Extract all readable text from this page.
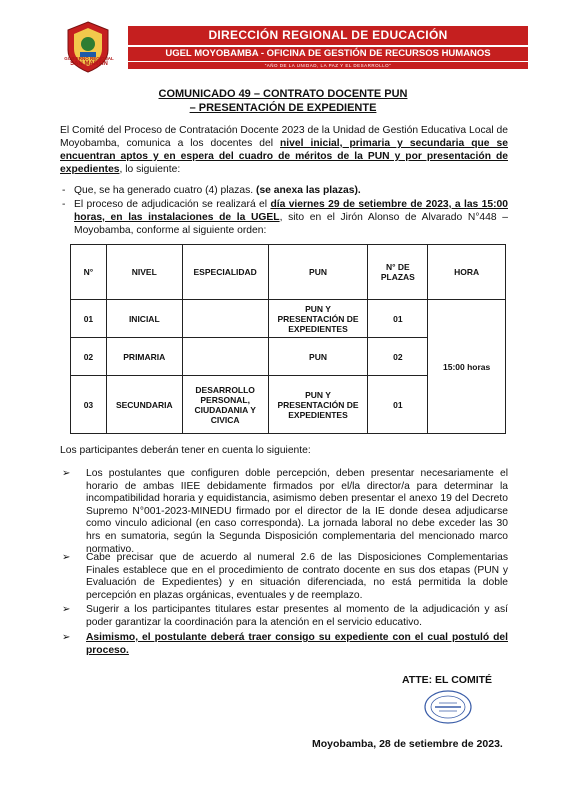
GOBIERNO REGIONAL
SAN MARTIN
DIRECCIÓN REGIONAL DE EDUCACIÓN
UGEL MOYOBAMBA - OFICINA DE GESTIÓN DE RECURSOS HUMANOS
"AÑO DE LA UNIDAD, LA PAZ Y EL DESARROLLO"
COMUNICADO 49 – CONTRATO DOCENTE PUN
– PRESENTACIÓN DE EXPEDIENTE
El Comité del Proceso de Contratación Docente 2023 de la Unidad de Gestión Educativa Local de Moyobamba, comunica a los docentes del nivel inicial, primaria y secundaria que se encuentran aptos y en espera del cuadro de méritos de la PUN y por presentación de expedientes, lo siguiente:
- Que, se ha generado cuatro (4) plazas. (se anexa las plazas).
- El proceso de adjudicación se realizará el día viernes 29 de setiembre de 2023, a las 15:00 horas, en las instalaciones de la UGEL, sito en el Jirón Alonso de Alvarado N°448 – Moyobamba, conforme al siguiente orden:
N°	NIVEL	ESPECIALIDAD	PUN	N° DE PLAZAS	HORA
01	INICIAL		PUN Y PRESENTACIÓN DE EXPEDIENTES	01	15:00 horas
02	PRIMARIA		PUN	02	
03	SECUNDARIA	DESARROLLO PERSONAL, CIUDADANIA Y CIVICA	PUN Y PRESENTACIÓN DE EXPEDIENTES	01	
Los participantes deberán tener en cuenta lo siguiente:
➢ Los postulantes que configuren doble percepción, deben presentar necesariamente el horario de ambas IIEE debidamente firmados por el/la director/a para determinar la incompatibilidad horaria y equidistancia, asimismo deben presentar el anexo 19 del Decreto Supremo N°001-2023-MINEDU firmado por el director de la IE donde desea adjudicarse como vinculo adicional (en caso corresponda). La jornada laboral no debe exceder las 30 hrs en sumatoria, según la Segunda Disposición complementaria del mencionado marco normativo.
➢ Cabe precisar que de acuerdo al numeral 2.6 de las Disposiciones Complementarias Finales establece que en el procedimiento de contrato docente en sus dos etapas (PUN y Evaluación de Expedientes) y en situación diferenciada, no está permitida la doble percepción en plazas orgánicas, eventuales y de reemplazo.
➢ Sugerir a los participantes titulares estar presentes al momento de la adjudicación y así poder garantizar la coordinación para la atención en el servicio educativo.
➢ Asimismo, el postulante deberá traer consigo su expediente con el cual postuló del proceso.
ATTE: EL COMITÉ
Moyobamba, 28 de setiembre de 2023.
